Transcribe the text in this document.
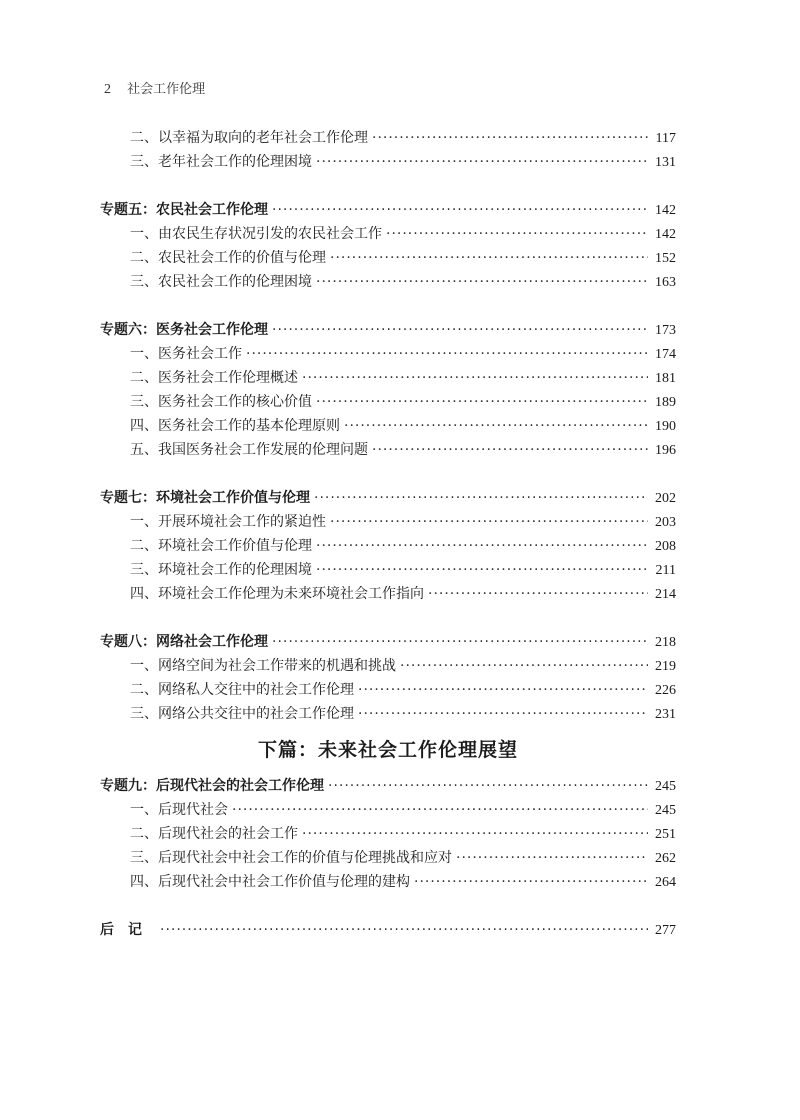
2 社会工作伦理
二、以幸福为取向的老年社会工作伦理 ·····	117
三、老年社会工作的伦理困境 ·····	131
专题五：农民社会工作伦理 ·····	142
一、由农民生存状况引发的农民社会工作 ·····	142
二、农民社会工作的价值与伦理 ·····	152
三、农民社会工作的伦理困境 ·····	163
专题六：医务社会工作伦理 ·····	173
一、医务社会工作 ·····	174
二、医务社会工作伦理概述 ·····	181
三、医务社会工作的核心价值 ·····	189
四、医务社会工作的基本伦理原则 ·····	190
五、我国医务社会工作发展的伦理问题 ·····	196
专题七：环境社会工作价值与伦理 ·····	202
一、开展环境社会工作的紧迫性 ·····	203
二、环境社会工作价值与伦理 ·····	208
三、环境社会工作的伦理困境 ·····	211
四、环境社会工作伦理为未来环境社会工作指向 ·····	214
专题八：网络社会工作伦理 ·····	218
一、网络空间为社会工作带来的机遇和挑战 ·····	219
二、网络私人交往中的社会工作伦理 ·····	226
三、网络公共交往中的社会工作伦理 ·····	231
下篇：未来社会工作伦理展望
专题九：后现代社会的社会工作伦理 ·····	245
一、后现代社会 ·····	245
二、后现代社会的社会工作 ·····	251
三、后现代社会中社会工作的价值与伦理挑战和应对 ·····	262
四、后现代社会中社会工作价值与伦理的建构 ·····	264
后记 ·····	277
